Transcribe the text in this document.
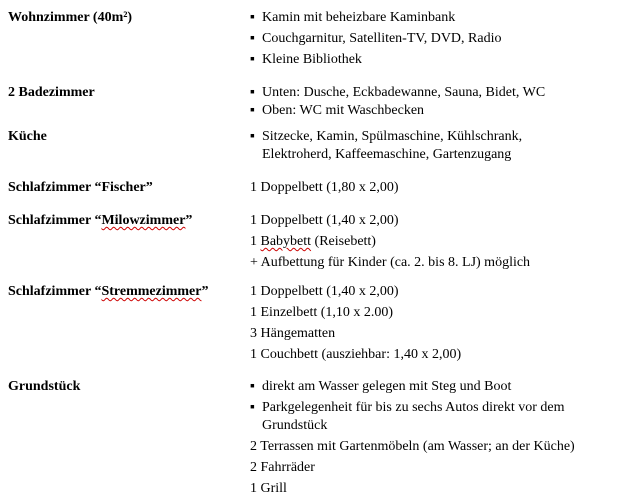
Wohnzimmer (40m²)	▪ Kamin mit beheizbare Kaminbank
▪ Couchgarnitur, Satelliten-TV, DVD, Radio
▪ Kleine Bibliothek
2 Badezimmer	▪ Unten: Dusche, Eckbadewanne, Sauna, Bidet, WC
▪ Oben: WC mit Waschbecken
Küche	▪ Sitzecke, Kamin, Spülmaschine, Kühlschrank,
Elektroherd, Kaffeemaschine, Gartenzugang
Schlafzimmer “Fischer”	1 Doppelbett (1,80 x 2,00)
Schlafzimmer “Milowzimmer”	1 Doppelbett (1,40 x 2,00)
1 Babybett (Reisebett)
+ Aufbettung für Kinder (ca. 2. bis 8. LJ) möglich
Schlafzimmer “Stremmezimmer”	1 Doppelbett (1,40 x 2,00)
1 Einzelbett (1,10 x 2.00)
3 Hängematten
1 Couchbett (ausziehbar: 1,40 x 2,00)
Grundstück	▪ direkt am Wasser gelegen mit Steg und Boot
▪ Parkgelegenheit für bis zu sechs Autos direkt vor dem
Grundstück
2 Terrassen mit Gartenmöbeln (am Wasser; an der Küche)
2 Fahrräder
1 Grill
